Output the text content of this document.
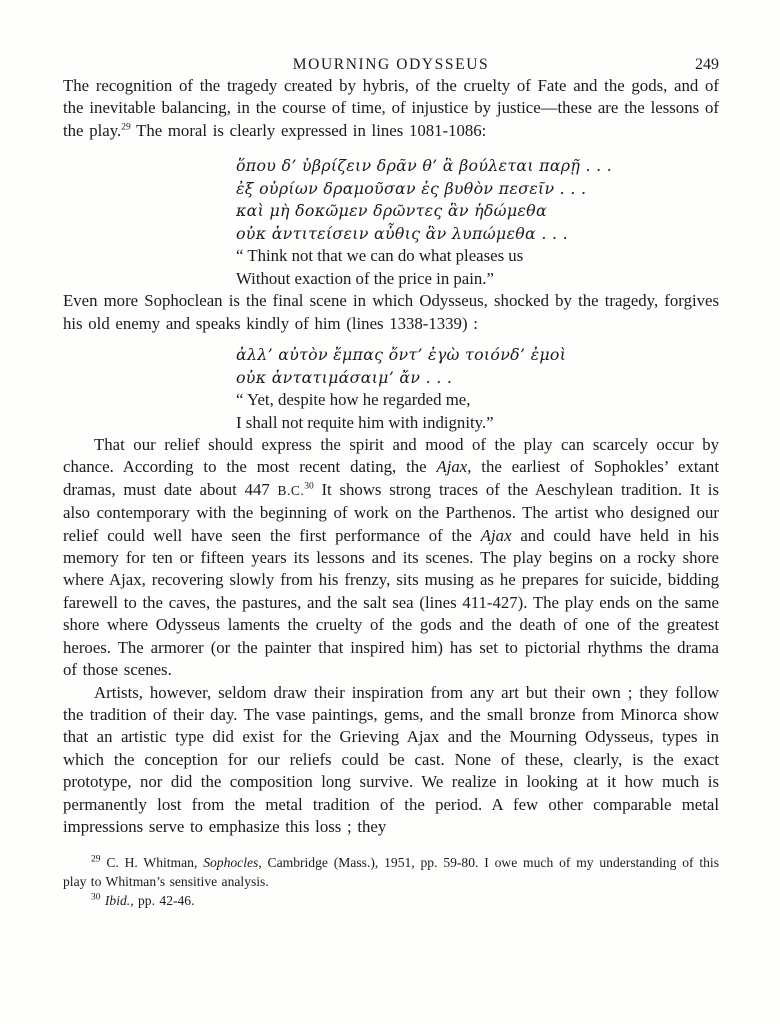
MOURNING ODYSSEUS	249

The recognition of the tragedy created by hybris, of the cruelty of Fate and the gods, and of the inevitable balancing, in the course of time, of injustice by justice—these are the lessons of the play.$^{29}$ The moral is clearly expressed in lines 1081-1086:

ὅπου δ’ ὑβρίζειν δρᾶν θ’ ἃ βούλεται παρῇ . . .
ἐξ οὐρίων δραμοῦσαν ἐς βυθὸν πεσεῖν . . .
καὶ μὴ δοκῶμεν δρῶντες ἃν ἡδώμεθα
οὐκ ἀντιτείσειν αὖθις ἃν λυπώμεθα . . .
“ Think not that we can do what pleases us
Without exaction of the price in pain.”

Even more Sophoclean is the final scene in which Odysseus, shocked by the tragedy, forgives his old enemy and speaks kindly of him (lines 1338-1339) :

ἀλλ’ αὐτὸν ἔμπας ὄντ’ ἐγὼ τοιόνδ’ ἐμοὶ
οὐκ ἀντατιμάσαιμ’ ἄν . . .
“ Yet, despite how he regarded me,
I shall not requite him with indignity.”

That our relief should express the spirit and mood of the play can scarcely occur by chance. According to the most recent dating, the Ajax, the earliest of Sophokles’ extant dramas, must date about 447 B.C.$^{30}$ It shows strong traces of the Aeschylean tradition. It is also contemporary with the beginning of work on the Parthenos. The artist who designed our relief could well have seen the first performance of the Ajax and could have held in his memory for ten or fifteen years its lessons and its scenes. The play begins on a rocky shore where Ajax, recovering slowly from his frenzy, sits musing as he prepares for suicide, bidding farewell to the caves, the pastures, and the salt sea (lines 411-427). The play ends on the same shore where Odysseus laments the cruelty of the gods and the death of one of the greatest heroes. The armorer (or the painter that inspired him) has set to pictorial rhythms the drama of those scenes.

Artists, however, seldom draw their inspiration from any art but their own ; they follow the tradition of their day. The vase paintings, gems, and the small bronze from Minorca show that an artistic type did exist for the Grieving Ajax and the Mourning Odysseus, types in which the conception for our reliefs could be cast. None of these, clearly, is the exact prototype, nor did the composition long survive. We realize in looking at it how much is permanently lost from the metal tradition of the period. A few other comparable metal impressions serve to emphasize this loss ; they

$^{29}$ C. H. Whitman, Sophocles, Cambridge (Mass.), 1951, pp. 59-80. I owe much of my understanding of this play to Whitman’s sensitive analysis.

$^{30}$ Ibid., pp. 42-46.
